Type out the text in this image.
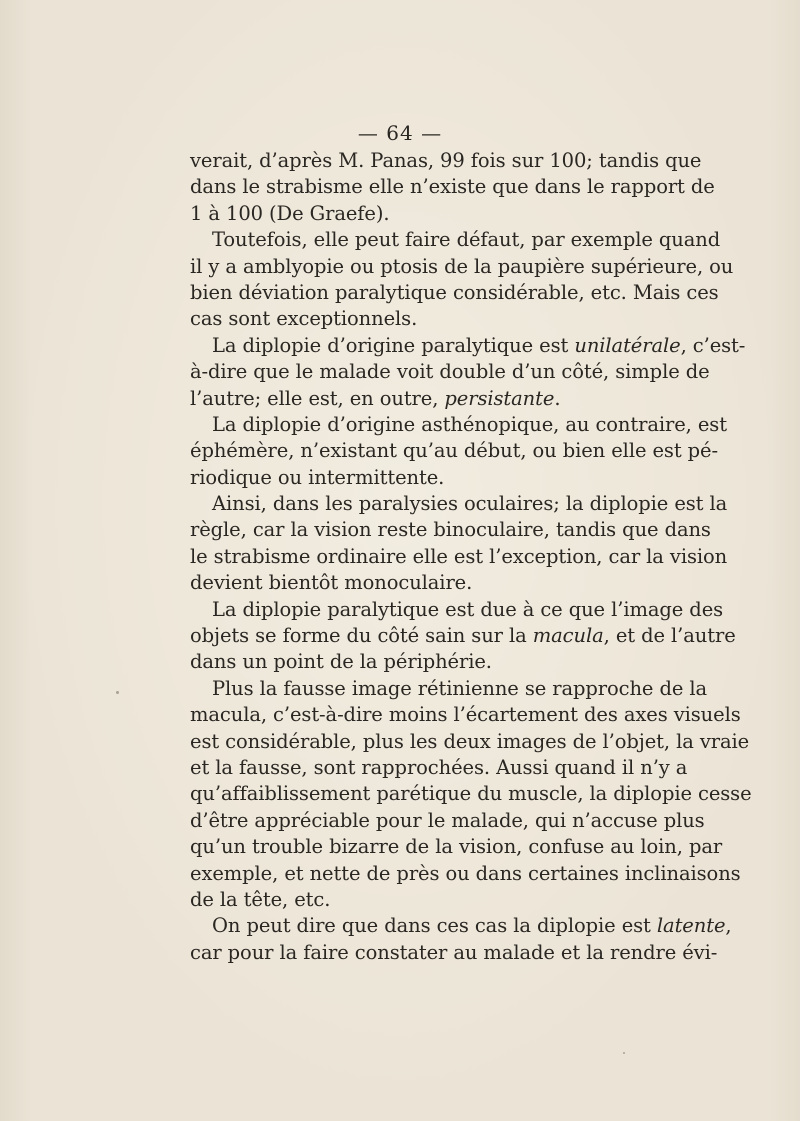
— 64 —
verait, d’après M. Panas, 99 fois sur 100; tandis que
dans le strabisme elle n’existe que dans le rapport de
1 à 100 (De Graefe).
Toutefois, elle peut faire défaut, par exemple quand
il y a amblyopie ou ptosis de la paupière supérieure, ou
bien déviation paralytique considérable, etc. Mais ces
cas sont exceptionnels.
La diplopie d’origine paralytique est unilatérale, c’est-
à-dire que le malade voit double d’un côté, simple de
l’autre; elle est, en outre, persistante.
La diplopie d’origine asthénopique, au contraire, est
éphémère, n’existant qu’au début, ou bien elle est pé-
riodique ou intermittente.
Ainsi, dans les paralysies oculaires; la diplopie est la
règle, car la vision reste binoculaire, tandis que dans
le strabisme ordinaire elle est l’exception, car la vision
devient bientôt monoculaire.
La diplopie paralytique est due à ce que l’image des
objets se forme du côté sain sur la macula, et de l’autre
dans un point de la périphérie.
Plus la fausse image rétinienne se rapproche de la
macula, c’est-à-dire moins l’écartement des axes visuels
est considérable, plus les deux images de l’objet, la vraie
et la fausse, sont rapprochées. Aussi quand il n’y a
qu’affaiblissement parétique du muscle, la diplopie cesse
d’être appréciable pour le malade, qui n’accuse plus
qu’un trouble bizarre de la vision, confuse au loin, par
exemple, et nette de près ou dans certaines inclinaisons
de la tête, etc.
On peut dire que dans ces cas la diplopie est latente,
car pour la faire constater au malade et la rendre évi-
